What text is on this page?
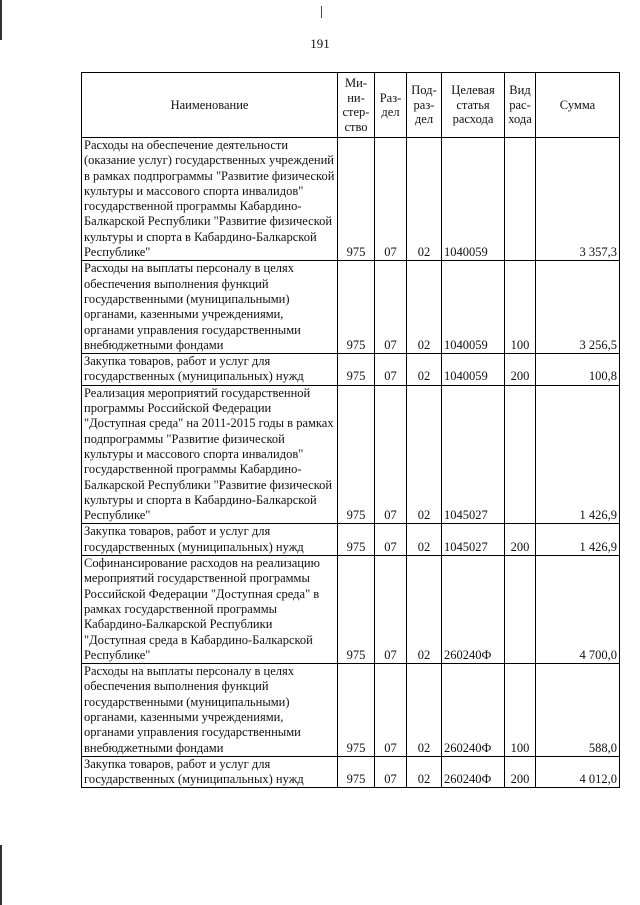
191
Наименование	Ми-
ни-
стер-
ство	Раз-
дел	Под-
раз-
дел	Целевая
статья
расхода	Вид
рас-
хода	Сумма
Расходы на обеспечение деятельности (оказание услуг) государственных учреждений в рамках подпрограммы "Развитие физической культуры и массового спорта инвалидов" государственной программы Кабардино-Балкарской Республики "Развитие физической культуры и спорта в Кабардино-Балкарской Республике"	975	07	02	1040059		3 357,3
Расходы на выплаты персоналу в целях обеспечения выполнения функций государственными (муниципальными) органами, казенными учреждениями, органами управления государственными внебюджетными фондами	975	07	02	1040059	100	3 256,5
Закупка товаров, работ и услуг для государственных (муниципальных) нужд	975	07	02	1040059	200	100,8
Реализация мероприятий государственной программы Российской Федерации "Доступная среда" на 2011-2015 годы в рамках подпрограммы "Развитие физической культуры и массового спорта инвалидов" государственной программы Кабардино-Балкарской Республики "Развитие физической культуры и спорта в Кабардино-Балкарской Республике"	975	07	02	1045027		1 426,9
Закупка товаров, работ и услуг для государственных (муниципальных) нужд	975	07	02	1045027	200	1 426,9
Софинансирование расходов на реализацию мероприятий государственной программы Российской Федерации "Доступная среда" в рамках государственной программы Кабардино-Балкарской Республики "Доступная среда в Кабардино-Балкарской Республике"	975	07	02	260240Ф		4 700,0
Расходы на выплаты персоналу в целях обеспечения выполнения функций государственными (муниципальными) органами, казенными учреждениями, органами управления государственными внебюджетными фондами	975	07	02	260240Ф	100	588,0
Закупка товаров, работ и услуг для государственных (муниципальных) нужд	975	07	02	260240Ф	200	4 012,0
